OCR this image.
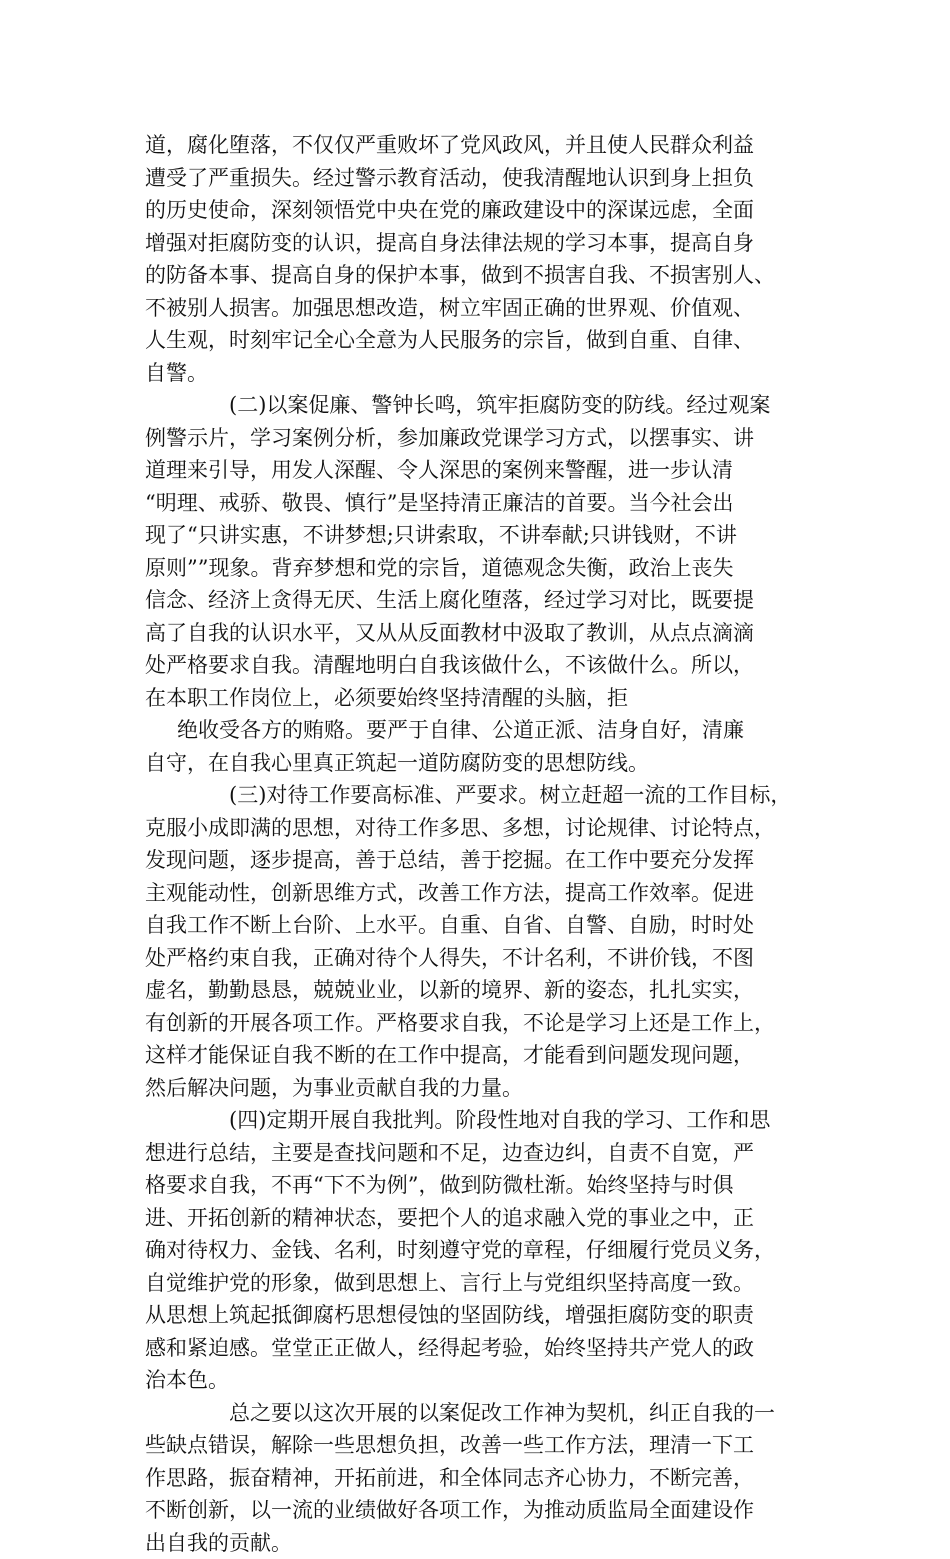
道，腐化堕落，不仅仅严重败坏了党风政风，并且使人民群众利益
遭受了严重损失。经过警示教育活动，使我清醒地认识到身上担负
的历史使命，深刻领悟党中央在党的廉政建设中的深谋远虑，全面
增强对拒腐防变的认识，提高自身法律法规的学习本事，提高自身
的防备本事、提高自身的保护本事，做到不损害自我、不损害别人、
不被别人损害。加强思想改造，树立牢固正确的世界观、价值观、
人生观，时刻牢记全心全意为人民服务的宗旨，做到自重、自律、
自警。
(二)以案促廉、警钟长鸣，筑牢拒腐防变的防线。经过观案
例警示片，学习案例分析，参加廉政党课学习方式，以摆事实、讲
道理来引导，用发人深醒、令人深思的案例来警醒，进一步认清
“明理、戒骄、敬畏、慎行”是坚持清正廉洁的首要。当今社会出
现了“只讲实惠，不讲梦想;只讲索取，不讲奉献;只讲钱财，不讲
原则””现象。背弃梦想和党的宗旨，道德观念失衡，政治上丧失
信念、经济上贪得无厌、生活上腐化堕落，经过学习对比，既要提
高了自我的认识水平，又从从反面教材中汲取了教训，从点点滴滴
处严格要求自我。清醒地明白自我该做什么，不该做什么。所以，
在本职工作岗位上，必须要始终坚持清醒的头脑，拒
绝收受各方的贿赂。要严于自律、公道正派、洁身自好，清廉
自守，在自我心里真正筑起一道防腐防变的思想防线。
(三)对待工作要高标准、严要求。树立赶超一流的工作目标，
克服小成即满的思想，对待工作多思、多想，讨论规律、讨论特点，
发现问题，逐步提高，善于总结，善于挖掘。在工作中要充分发挥
主观能动性，创新思维方式，改善工作方法，提高工作效率。促进
自我工作不断上台阶、上水平。自重、自省、自警、自励，时时处
处严格约束自我，正确对待个人得失，不计名利，不讲价钱，不图
虚名，勤勤恳恳，兢兢业业，以新的境界、新的姿态，扎扎实实，
有创新的开展各项工作。严格要求自我，不论是学习上还是工作上，
这样才能保证自我不断的在工作中提高，才能看到问题发现问题，
然后解决问题，为事业贡献自我的力量。
(四)定期开展自我批判。阶段性地对自我的学习、工作和思
想进行总结，主要是查找问题和不足，边查边纠，自责不自宽，严
格要求自我，不再“下不为例”，做到防微杜渐。始终坚持与时俱
进、开拓创新的精神状态，要把个人的追求融入党的事业之中，正
确对待权力、金钱、名利，时刻遵守党的章程，仔细履行党员义务，
自觉维护党的形象，做到思想上、言行上与党组织坚持高度一致。
从思想上筑起抵御腐朽思想侵蚀的坚固防线，增强拒腐防变的职责
感和紧迫感。堂堂正正做人，经得起考验，始终坚持共产党人的政
治本色。
总之要以这次开展的以案促改工作神为契机，纠正自我的一
些缺点错误，解除一些思想负担，改善一些工作方法，理清一下工
作思路，振奋精神，开拓前进，和全体同志齐心协力，不断完善，
不断创新，以一流的业绩做好各项工作，为推动质监局全面建设作
出自我的贡献。
